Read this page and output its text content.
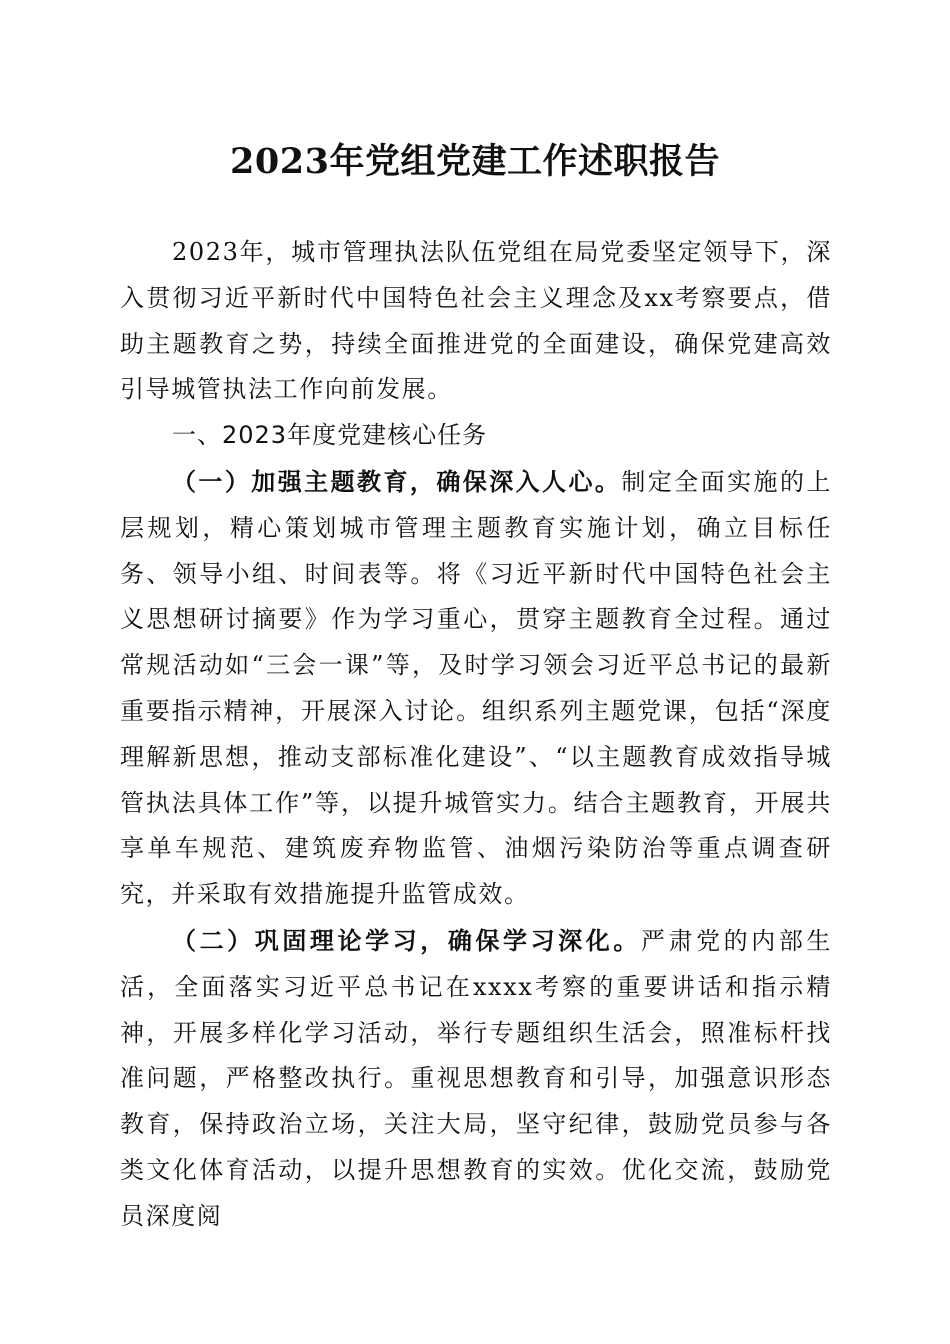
2023年党组党建工作述职报告

2023年，城市管理执法队伍党组在局党委坚定领导下，深入贯彻习近平新时代中国特色社会主义理念及xx考察要点，借助主题教育之势，持续全面推进党的全面建设，确保党建高效引导城管执法工作向前发展。

一、2023年度党建核心任务

（一）加强主题教育，确保深入人心。制定全面实施的上层规划，精心策划城市管理主题教育实施计划，确立目标任务、领导小组、时间表等。将《习近平新时代中国特色社会主义思想研讨摘要》作为学习重心，贯穿主题教育全过程。通过常规活动如“三会一课”等，及时学习领会习近平总书记的最新重要指示精神，开展深入讨论。组织系列主题党课，包括“深度理解新思想，推动支部标准化建设”、“以主题教育成效指导城管执法具体工作”等，以提升城管实力。结合主题教育，开展共享单车规范、建筑废弃物监管、油烟污染防治等重点调查研究，并采取有效措施提升监管成效。

（二）巩固理论学习，确保学习深化。严肃党的内部生活，全面落实习近平总书记在xxxx考察的重要讲话和指示精神，开展多样化学习活动，举行专题组织生活会，照准标杆找准问题，严格整改执行。重视思想教育和引导，加强意识形态教育，保持政治立场，关注大局，坚守纪律，鼓励党员参与各类文化体育活动，以提升思想教育的实效。优化交流，鼓励党员深度阅
